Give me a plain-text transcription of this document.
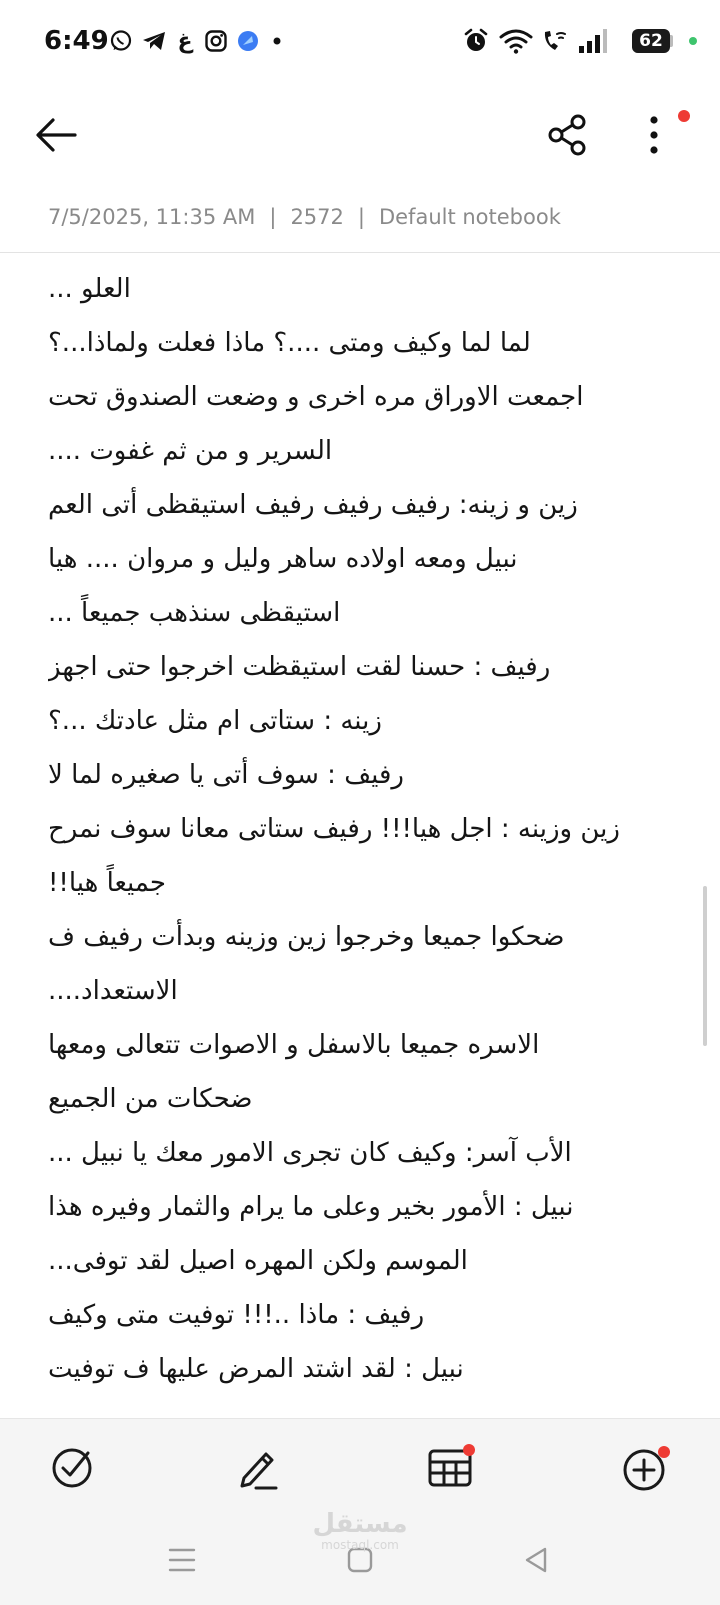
6:49	غ	62
7/5/2025, 11:35 AM | 2572 | Default notebook
العلو ...
لما لما وكيف ومتى ....؟ ماذا فعلت ولماذا...؟
اجمعت الاوراق مره اخرى و وضعت الصندوق تحت
السرير و من ثم غفوت ....
زين و زينه: رفيف رفيف رفيف استيقظى أتى العم
نبيل ومعه اولاده ساهر وليل و مروان .... هيا
استيقظى سنذهب جميعاً ...
رفيف : حسنا لقت استيقظت اخرجوا حتى اجهز
زينه : ستاتى ام مثل عادتك ...؟
رفيف : سوف أتى يا صغيره لما لا
زين وزينه : اجل هيا!!! رفيف ستاتى معانا سوف نمرح
جميعاً هيا!!
ضحكوا جميعا وخرجوا زين وزينه وبدأت رفيف ف
الاستعداد....
الاسره جميعا بالاسفل و الاصوات تتعالى ومعها
ضحكات من الجميع
الأب آسر: وكيف كان تجرى الامور معك يا نبيل ...
نبيل : الأمور بخير وعلى ما يرام والثمار وفيره هذا
الموسم ولكن المهره اصيل لقد توفى...
رفيف : ماذا ..!!! توفيت متى وكيف
نبيل : لقد اشتد المرض عليها ف توفيت
مستقل
mostaql.com
